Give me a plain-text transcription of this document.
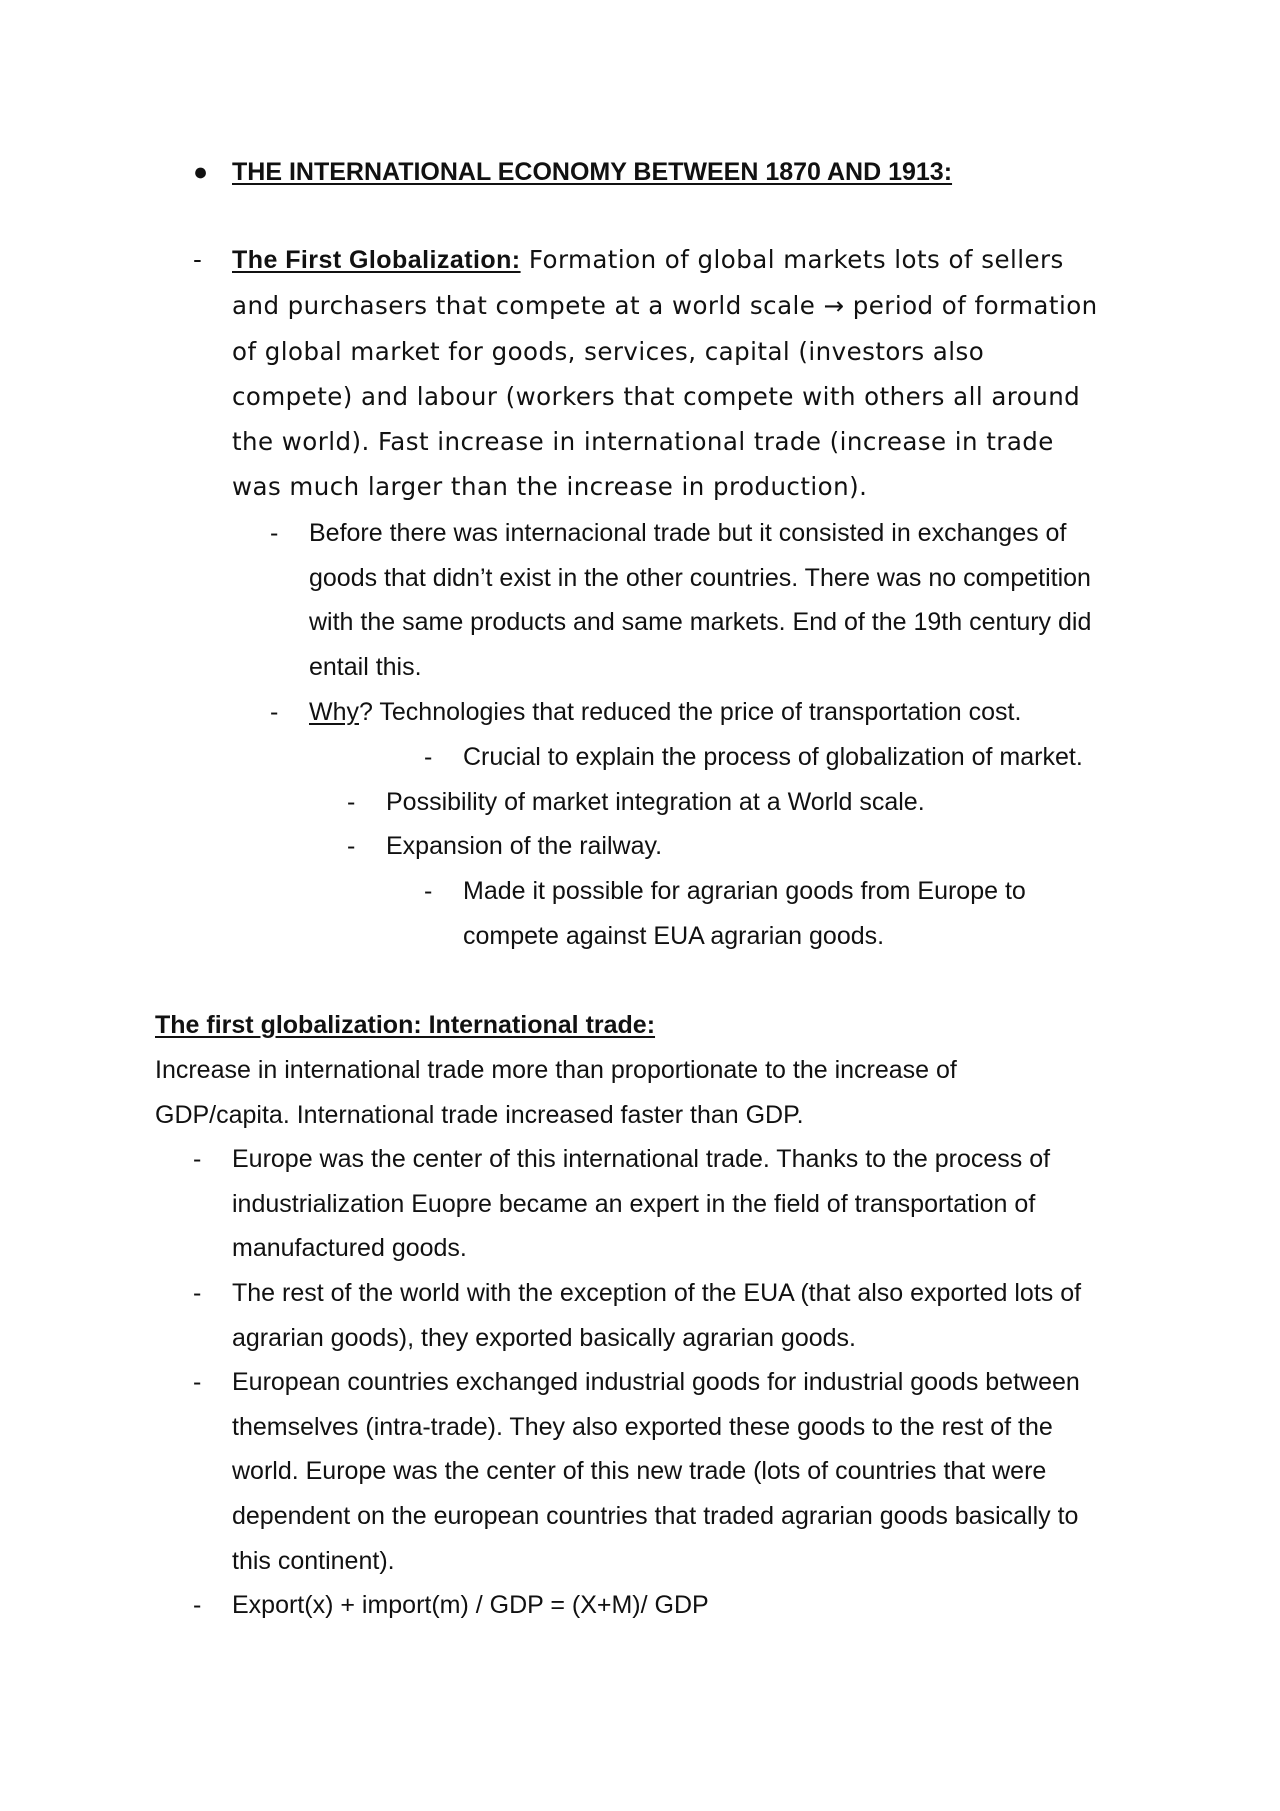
● THE INTERNATIONAL ECONOMY BETWEEN 1870 AND 1913:
- The First Globalization: Formation of global markets lots of sellers
and purchasers that compete at a world scale → period of formation
of global market for goods, services, capital (investors also
compete) and labour (workers that compete with others all around
the world). Fast increase in international trade (increase in trade
was much larger than the increase in production).
- Before there was internacional trade but it consisted in exchanges of
goods that didn’t exist in the other countries. There was no competition
with the same products and same markets. End of the 19th century did
entail this.
- Why? Technologies that reduced the price of transportation cost.
- Crucial to explain the process of globalization of market.
- Possibility of market integration at a World scale.
- Expansion of the railway.
- Made it possible for agrarian goods from Europe to
compete against EUA agrarian goods.
The first globalization: International trade:
Increase in international trade more than proportionate to the increase of
GDP/capita. International trade increased faster than GDP.
- Europe was the center of this international trade. Thanks to the process of
industrialization Euopre became an expert in the field of transportation of
manufactured goods.
- The rest of the world with the exception of the EUA (that also exported lots of
agrarian goods), they exported basically agrarian goods.
- European countries exchanged industrial goods for industrial goods between
themselves (intra-trade). They also exported these goods to the rest of the
world. Europe was the center of this new trade (lots of countries that were
dependent on the european countries that traded agrarian goods basically to
this continent).
- Export(x) + import(m) / GDP = (X+M)/ GDP
